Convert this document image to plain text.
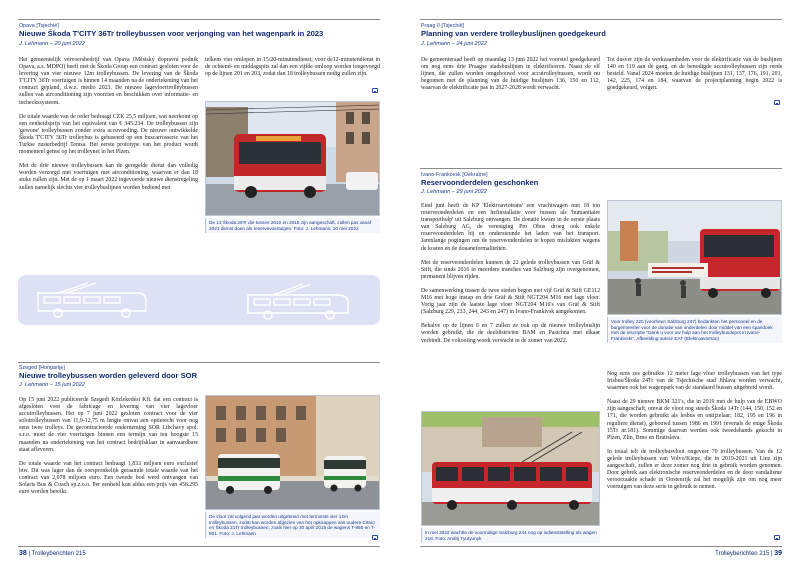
Opava [Tsjechië]
Nieuwe Škoda T'CITY 36Tr trolleybussen voor verjonging van het wagenpark in 2023
J. Lehmann – 20 juni 2022

Het gemeentelijk vervoersbedrijf van Opava (Městský dopravní podnik Opava, a.s. MDPO) heeft met de Škoda Group een contract gesloten voor de levering van vier nieuwe 12m trolleybussen. De levering van de Škoda T'CITY 36Tr voertuigen is binnen 14 maanden na de ondertekening van het contract gepland, d.w.z. medio 2023. De nieuwe lagevloertrolleybussen zullen van airconditioning zijn voorzien en beschikken over informatie- en incheckssysteem.

De totale waarde van de order bedraagt CZK 25,5 miljoen, wat neerkomt op een eenheidsprijs van het equivalent van € 345.234. De trolleybussen zijn 'gewone' trolleybussen zonder extra accuvoeding. De nieuwe ontwikkelde Škoda T'CITY 36Tr trolleybus is gebaseerd op een buscarrosserie van het Turkse zusterbedrijf Temsa. Het eerste prototype van het product wordt momenteel getest op het trolleynet in het Plzen.

Met de drie nieuwe trolleybussen kan de geregelde dienst dan volledig worden verzorgd met voertuigen met airconditioning, waarvan er dan 18 stuks zullen zijn. Met de op 1 maart 2022 ingevoerde nieuwe dienstregeling zullen namelijk slechts vier trolleybuslijnen worden bediend met

telkens vier omlopen in 15/20-minutendienst; voor de12-minutendienst in de ochtend- en middagspits zal dan een vijfde omloop worden toegevoegd op de lijnen 201 en 203, zodat dan 18 trolleybussen nodig zullen zijn.

De 13 Škoda 26Tr die tussen 2010 en 2015 zijn aangeschaft, zullen pas vanaf 2023 dienst doen als reservevoertuigen. Foto: J. Lehmann, 10 mei 2022
Szeged [Hongarije]
Nieuwe trolleybussen worden geleverd door SOR
J. Lehmann – 15 juni 2022

Op 15 juni 2022 publiceerde Szegedi Közlekedési Kft. dat een contract is afgesloten voor de fabricage en levering van vier lagevloer accutrolleybussen. Het op 7 juni 2022 gesloten contract voor de vier solotrolleybussen van 11,9-12,75 m lengte omvat een optierecht voor nog eens twee trolleys. De gecontracteerde onderneming SOR Libchavy spol. s.r.o. moet de vier voertuigen binnen een termijn van ten hoogste 15 maanden na ondertekening van het contract bedrijfsklaar in aanvaardbare staat afleveren.

De totale waarde van het contract bedraagt 1,833 miljoen euro exclusief btw. Dit was lager dan de oorspronkelijk geraamde totale waarde van het contract van 2,078 miljoen euro. Een tweede bod werd ontvangen van Solaris Bus & Coach sp.z.o.o. Per eenheid kon aldus een prijs van 458.295 euro worden bereikt.

De vloot zal volgend jaar worden uitgebreid met terminste vier 12m trolleybussen, zodat kan worden afgezien van het opknappen van oudere Citaro en Škoda 21Tr trolleybussen, zoals hier op 30 april 2019 de wagens T-865 en T-801. Foto: J. Lehmann
38 | Trolleyberichten 215
Praag II [Tsjechië]
Planning van verdere trolleybuslijnen goedgekeurd
J. Lehmann – 24 juni 2022

De gemeenteraad heeft op maandag 13 juni 2022 het voorstel goedgekeurd om nog eens drie Praagse stadsbuslijnen te elektrificeren. Naast de elf lijnen, die zullen worden omgebouwd voor accutrolleybussen, wordt nu begonnen met de planning van de huidige buslijnen 136, 150 en 112, waarvan de elektrificatie pas in 2027-2028 wordt verwacht.

Tot dusver zijn de werkzaamheden voor de elektrificatie van de buslijnen 140 en 119 aan de gang, en de benodigde accutrolleybussen zijn reeds besteld. Vanaf 2024 moeten de huidige buslijnen 131, 137, 176, 191, 201, 142, 225, 174 en 184, waarvan de projectplanning begin 2022 is goedgekeurd, volgen.

Ivano-Frankovsk [Oekraïne]
Reservoonderdelen geschonken
J. Lehmann – 29 juni 2022

Eind juni heeft de KP 'Elektroavtotrans' een vrachtwagen met 18 ton reserveonderdelen en een hefinstallatie voor bussen als 'humanitaire transporthulp' uit Salzburg ontvangen. De donatie kwam in de eerste plaats van Salzburg AG, de vereniging Pro Obus droeg ook enkele reserveonderdelen bij en ondersteunde het laden van het transport. Jarenlange pogingen om de reserveonderdelen te kopen mislukten wegens de kosten en de douaneformaliteiten.

Met de reserveonderdelen kunnen de 22 gelede trolleybussen van Gräf & Stift, die sinds 2016 in meerdere tranches van Salzburg zijn overgenomen, permanent blijven rijden.

De samenwerking tussen de twee steden begon met vijf Gräf & Stift GE112 M16 met hoge instap en drie Gräf & Stift NGT204 M16 met lage vloer. Vorig jaar zijn de laatste lage vloer NGT204 M16's van Gräf & Stift (Salzburg 229, 233, 244, 243 en 247) in Ivano-Frankivsk aangekomen.

Behalve op de lijnen 6 en 7 zullen ze ook op de nieuwe trolleybuslijn worden gebruikt, die de deeldistricten BAM en Pasichna met elkaar verbindt. De voltooiing wordt verwacht in de zomer van 2022.

Voor trolley 220 (voorheen Salzburg 247) bedankten het personeel en de burgemeester voor de donatie van onderdelen door middel van een spandoek met de inscriptie "Dank u voor uw hulp aan het trolleybusdepot in Ivano-Frankivsk!", Afbeelding auteur EAT (Elektroavtotran)

Nog eens zes gebruikte 12 meter lage vloer trolleybussen van het type Irisbus/Škoda 24Tr van de Tsjechische stad Jihlava worden verwacht, waarmee ook het wagenpark van de standaard bussen uitgebreid wordt.

Naast de 29 nieuwe BKM 321's, die in 2019 met de hulp van de EBWO zijn aangeschaft, omvat de vloot nog steeds Škoda 14Tr (144, 150, 152 en 171, die worden gebruikt als lesbus en ontijzelaar; 182, 195 en 196 in reguliere dienst), gebouwd tussen 1986 en 1991 (evenals de enige Škoda 15Tr nr.181). Sommige daarvan werden ook tweedehands gekocht in Plzen, Zlin, Brno en Bratislava.

In totaal telt de trolleybusvloot ongeveer 70 trolleybussen. Van de 12 gelede trolleybussen van Volvo/Kiepe, die in 2019-2021 uit Linz zijn aangeschaft, zullen er deze zomer nog drie in gebruik worden genomen. Door gebrek aan elektronische reserveonderdelen en de door vandalisme veroorzaakte schade in Oostenrijk zal het mogelijk zijn om nog meer voertuigen van deze serie in gebruik te nemen.

In mei 2022 wachtte de voormalige Salzburg 244 nog op indienststelling als wagen 218. Foto: Andrij Tyutyunyk
Trolleyberichten 215 | 39
